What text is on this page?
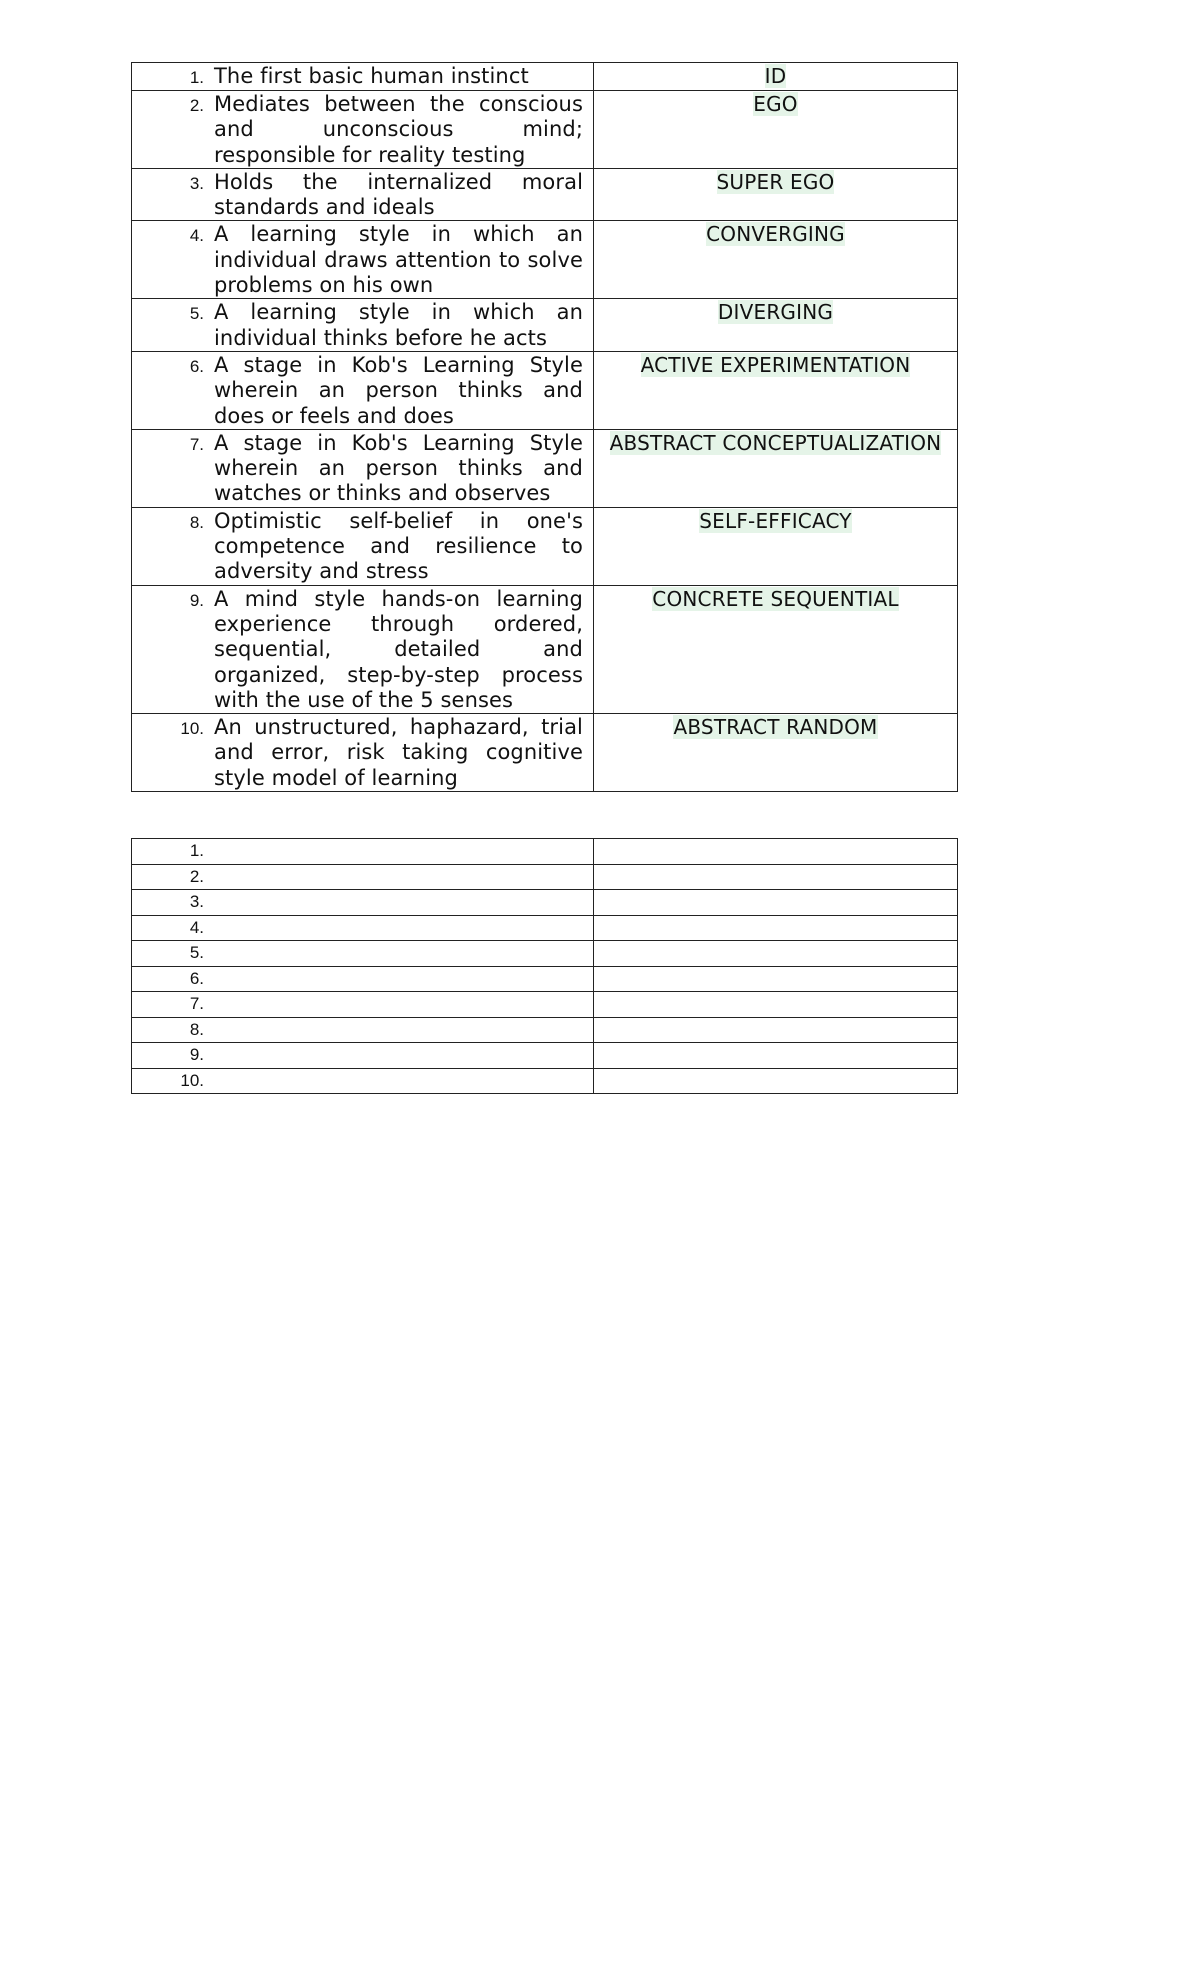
1. The first basic human instinct	ID

2. Mediates between the conscious and unconscious mind; responsible for reality testing	EGO

3. Holds the internalized moral standards and ideals	SUPER EGO

4. A learning style in which an individual draws attention to solve problems on his own	CONVERGING

5. A learning style in which an individual thinks before he acts	DIVERGING

6. A stage in Kob's Learning Style wherein an person thinks and does or feels and does	ACTIVE EXPERIMENTATION

7. A stage in Kob's Learning Style wherein an person thinks and watches or thinks and observes	ABSTRACT CONCEPTUALIZATION

8. Optimistic self-belief in one's competence and resilience to adversity and stress	SELF-EFFICACY

9. A mind style hands-on learning experience through ordered, sequential, detailed and organized, step-by-step process with the use of the 5 senses	CONCRETE SEQUENTIAL

10. An unstructured, haphazard, trial and error, risk taking cognitive style model of learning	ABSTRACT RANDOM
1.	

2.	

3.	

4.	

5.	

6.	

7.	

8.	

9.	

10.	
